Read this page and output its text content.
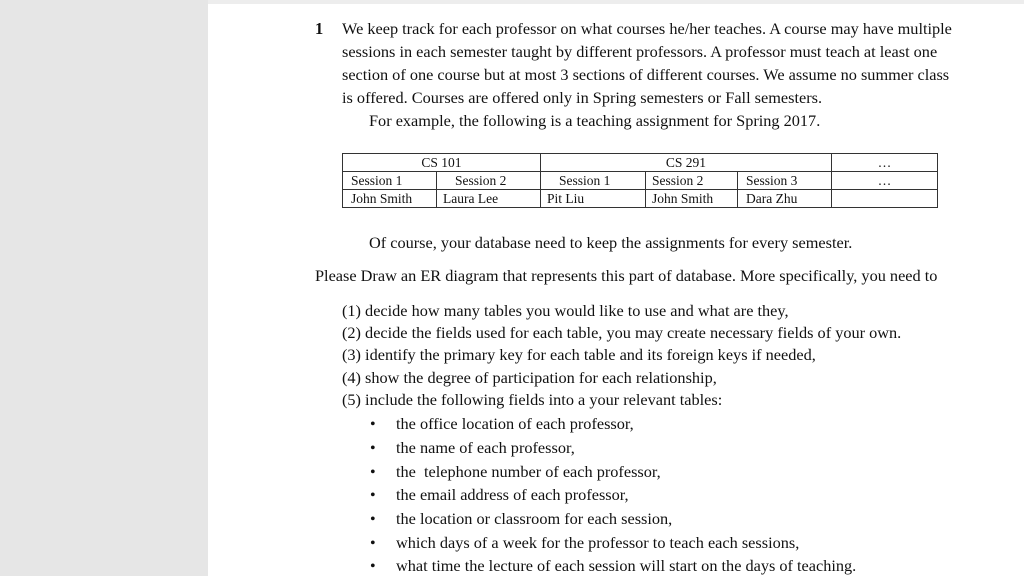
1 We keep track for each professor on what courses he/her teaches. A course may have multiple
sessions in each semester taught by different professors. A professor must teach at least one
section of one course but at most 3 sections of different courses. We assume no summer class
is offered. Courses are offered only in Spring semesters or Fall semesters.

For example, the following is a teaching assignment for Spring 2017.
CS 101		CS 291			…
Session 1	Session 2	Session 1	Session 2	Session 3	…
John Smith	Laura Lee	Pit Liu	John Smith	Dara Zhu	
Of course, your database need to keep the assignments for every semester.
Please Draw an ER diagram that represents this part of database. More specifically, you need to
(1) decide how many tables you would like to use and what are they,
(2) decide the fields used for each table, you may create necessary fields of your own.
(3) identify the primary key for each table and its foreign keys if needed,
(4) show the degree of participation for each relationship,
(5) include the following fields into a your relevant tables:
• the office location of each professor,
• the name of each professor,
• the  telephone number of each professor,
• the email address of each professor,
• the location or classroom for each session,
• which days of a week for the professor to teach each sessions,
• what time the lecture of each session will start on the days of teaching.
